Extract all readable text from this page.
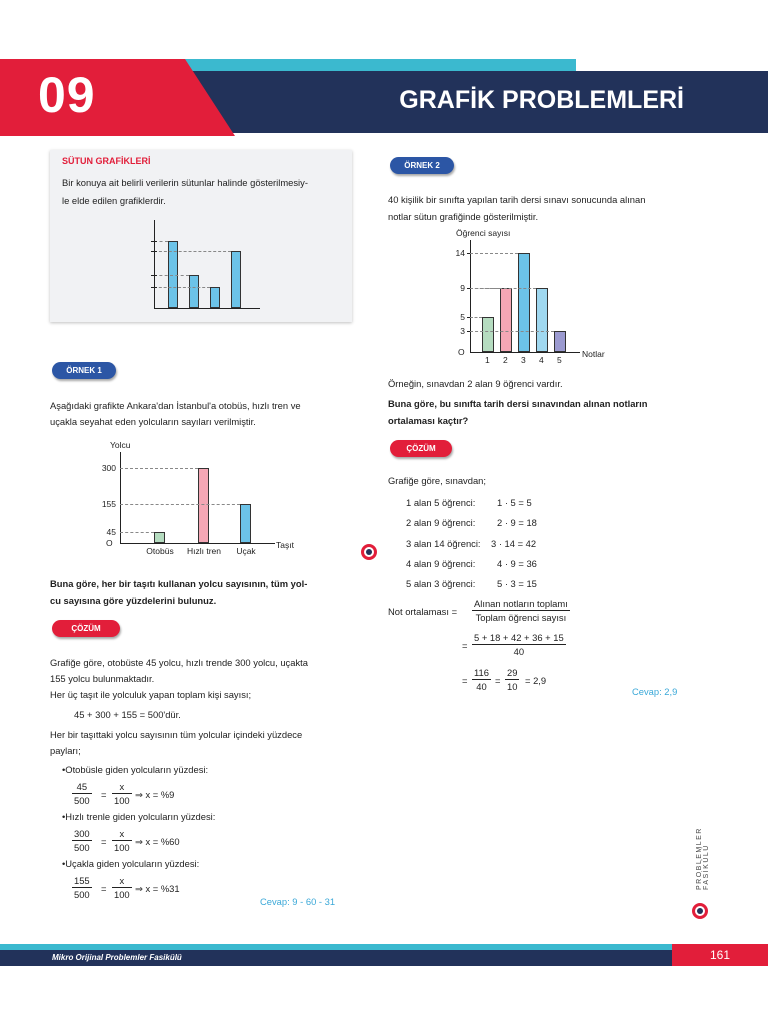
09	GRAFİK PROBLEMLERİ
SÜTUN GRAFİKLERİ
Bir konuya ait belirli verilerin sütunlar halinde gösterilmesiy-
le elde edilen grafiklerdir.
ÖRNEK 1
Aşağıdaki grafikte Ankara'dan İstanbul'a otobüs, hızlı tren ve
uçakla seyahat eden yolcuların sayıları verilmiştir.
Yolcu
O	Taşıt
45
Otobüs
300
Hızlı tren
155
Uçak
Buna göre, her bir taşıtı kullanan yolcu sayısının, tüm yol-
cu sayısına göre yüzdelerini bulunuz.
ÇÖZÜM
Grafiğe göre, otobüste 45 yolcu, hızlı trende 300 yolcu, uçakta
155 yolcu bulunmaktadır.
Her üç taşıt ile yolculuk yapan toplam kişi sayısı;
45 + 300 + 155 = 500'dür.
Her bir taşıttaki yolcu sayısının tüm yolcular içindeki yüzdece
payları;
•Otobüsle giden yolcuların yüzdesi:
$\frac{45}{500} = \frac{x}{100}$ ⇒ x = %9
•Hızlı trenle giden yolcuların yüzdesi:
$\frac{300}{500} = \frac{x}{100}$ ⇒ x = %60
•Uçakla giden yolcuların yüzdesi:
$\frac{155}{500} = \frac{x}{100}$ ⇒ x = %31
Cevap: 9 - 60 - 31
ÖRNEK 2
40 kişilik bir sınıfta yapılan tarih dersi sınavı sonucunda alınan
notlar sütun grafiğinde gösterilmiştir.
Öğrenci sayısı
O	Notlar
14
9
5
3
1 2 3 4 5
Örneğin, sınavdan 2 alan 9 öğrenci vardır.
Buna göre, bu sınıfta tarih dersi sınavından alınan notların
ortalaması kaçtır?
ÇÖZÜM
Grafiğe göre, sınavdan;
1 alan 5 öğrenci: 1 · 5 = 5
2 alan 9 öğrenci: 2 · 9 = 18
3 alan 14 öğrenci: 3 · 14 = 42
4 alan 9 öğrenci: 4 · 9 = 36
5 alan 3 öğrenci: 5 · 3 = 15
Not ortalaması =
Alınan notların toplamı
Toplam öğrenci sayısı
= $\frac{5 + 18 + 42 + 36 + 15}{40}$
= $\frac{116}{40} = \frac{29}{10} = 2,9$
Cevap: 2,9
PROBLEMLER FASİKÜLÜ
Mikro Orijinal Problemler Fasikülü	161
